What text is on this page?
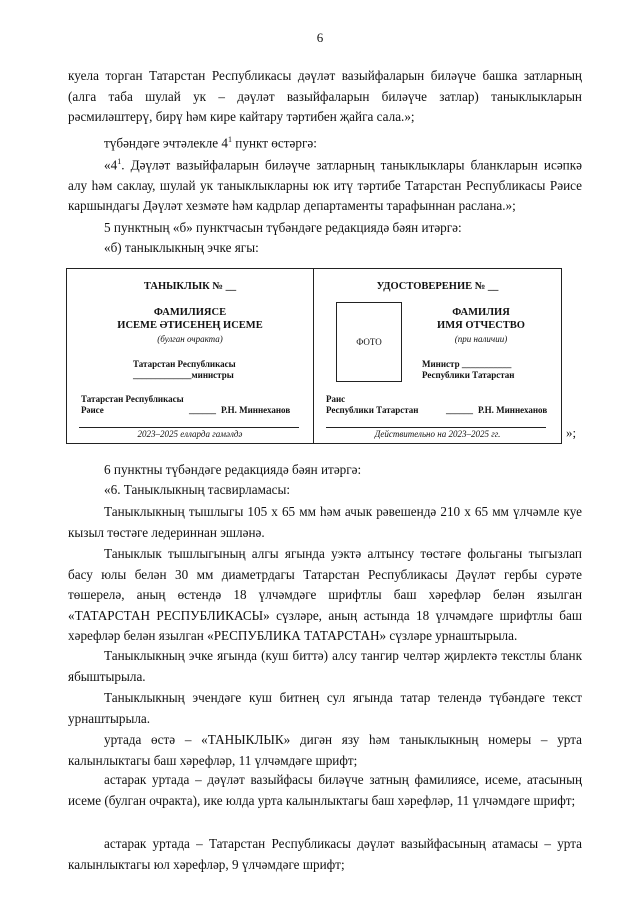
6

куела торган Татарстан Республикасы дәүләт вазыйфаларын биләүче башка затларның (алга таба шулай ук – дәүләт вазыйфаларын биләүче затлар) таныклыкларын рәсмиләштерү, бирү һәм кире кайтару тәртибен җайга сала.»;

түбәндәге эчтәлекле $4^1$ пункт өстәргә:

«$4^1$. Дәүләт вазыйфаларын биләүче затларның таныклыклары бланкларын исәпкә алу һәм саклау, шулай ук таныклыкларны юк итү тәртибе Татарстан Республикасы Рәисе каршындагы Дәүләт хезмәте һәм кадрлар департаменты тарафыннан раслана.»;

5 пунктның «б» пунктчасын түбәндәге редакциядә бәян итәргә:

«б) таныклыкның эчке ягы:

ТАНЫКЛЫК № __
ФАМИЛИЯСЕ
ИСЕМЕ ӘТИСЕНЕҢ ИСЕМЕ
(булган очракта)
Татарстан Республикасы
_____________министры
Татарстан Республикасы
Рәисе	______ Р.Н. Миннеханов
2023–2025 елларда гамәлдә
УДОСТОВЕРЕНИЕ № __
ФОТО
ФАМИЛИЯ
ИМЯ ОТЧЕСТВО
(при наличии)
Министр ___________
Республики Татарстан
Раис
Республики Татарстан	______ Р.Н. Миннеханов
Действительно на 2023–2025 гг.	»;

6 пунктны түбәндәге редакциядә бәян итәргә:

«6. Таныклыкның тасвирламасы:

Таныклыкның тышлыгы 105 х 65 мм һәм ачык рәвешендә 210 х 65 мм үлчәмле куе кызыл төстәге ледериннан эшләнә.

Таныклык тышлыгының алгы ягында уэктә алтынсу төстәге фольганы тыгызлап басу юлы белән 30 мм диаметрдагы Татарстан Республикасы Дәүләт гербы сурәте төшерелә, аның өстендә 18 үлчәмдәге шрифтлы баш хәрефләр белән язылган «ТАТАРСТАН РЕСПУБЛИКАСЫ» сүзләре, аның астында 18 үлчәмдәге шрифтлы баш хәрефләр белән язылган «РЕСПУБЛИКА ТАТАРСТАН» сүзләре урнаштырыла.

Таныклыкның эчке ягында (куш биттә) алсу тангир челтәр җирлектә текстлы бланк ябыштырыла.

Таныклыкның эчендәге куш битнең сул ягында татар телендә түбәндәге текст урнаштырыла.

уртада өстә – «ТАНЫКЛЫК» дигән язу һәм таныклыкның номеры – урта калынлыктагы баш хәрефләр, 11 үлчәмдәге шрифт;

астарак уртада – дәүләт вазыйфасы биләүче затның фамилиясе, исеме, атасының исеме (булган очракта), ике юлда урта калынлыктагы баш хәрефләр, 11 үлчәмдәге шрифт;

астарак уртада – Татарстан Республикасы дәүләт вазыйфасының атамасы – урта калынлыктагы юл хәрефләр, 9 үлчәмдәге шрифт;
